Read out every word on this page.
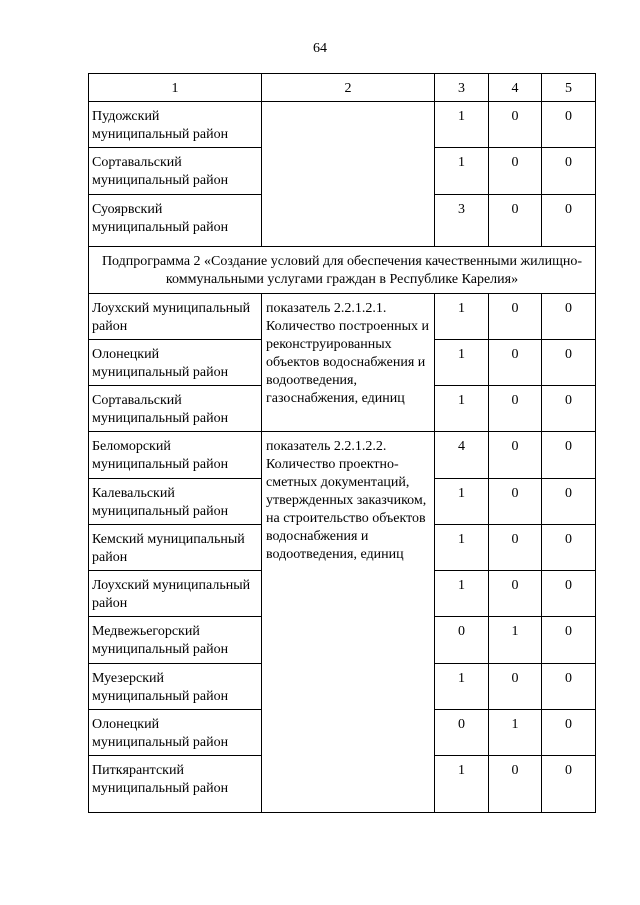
64
1	2	3	4	5
Пудожский муниципальный район		1	0	0
Сортавальский муниципальный район		1	0	0
Суоярвский муниципальный район		3	0	0
Подпрограмма 2 «Создание условий для обеспечения качественными жилищно-коммунальными услугами граждан в Республике Карелия»				
Лоухский муниципальный район	показатель 2.2.1.2.1. Количество построенных и реконструированных объектов водоснабжения и водоотведения, газоснабжения, единиц	1	0	0
Олонецкий муниципальный район		1	0	0
Сортавальский муниципальный район		1	0	0
Беломорский муниципальный район	показатель 2.2.1.2.2. Количество проектно-сметных документаций, утвержденных заказчиком, на строительство объектов водоснабжения и водоотведения, единиц	4	0	0
Калевальский муниципальный район		1	0	0
Кемский муниципальный район		1	0	0
Лоухский муниципальный район		1	0	0
Медвежьегорский муниципальный район		0	1	0
Муезерский муниципальный район		1	0	0
Олонецкий муниципальный район		0	1	0
Питкярантский муниципальный район		1	0	0
